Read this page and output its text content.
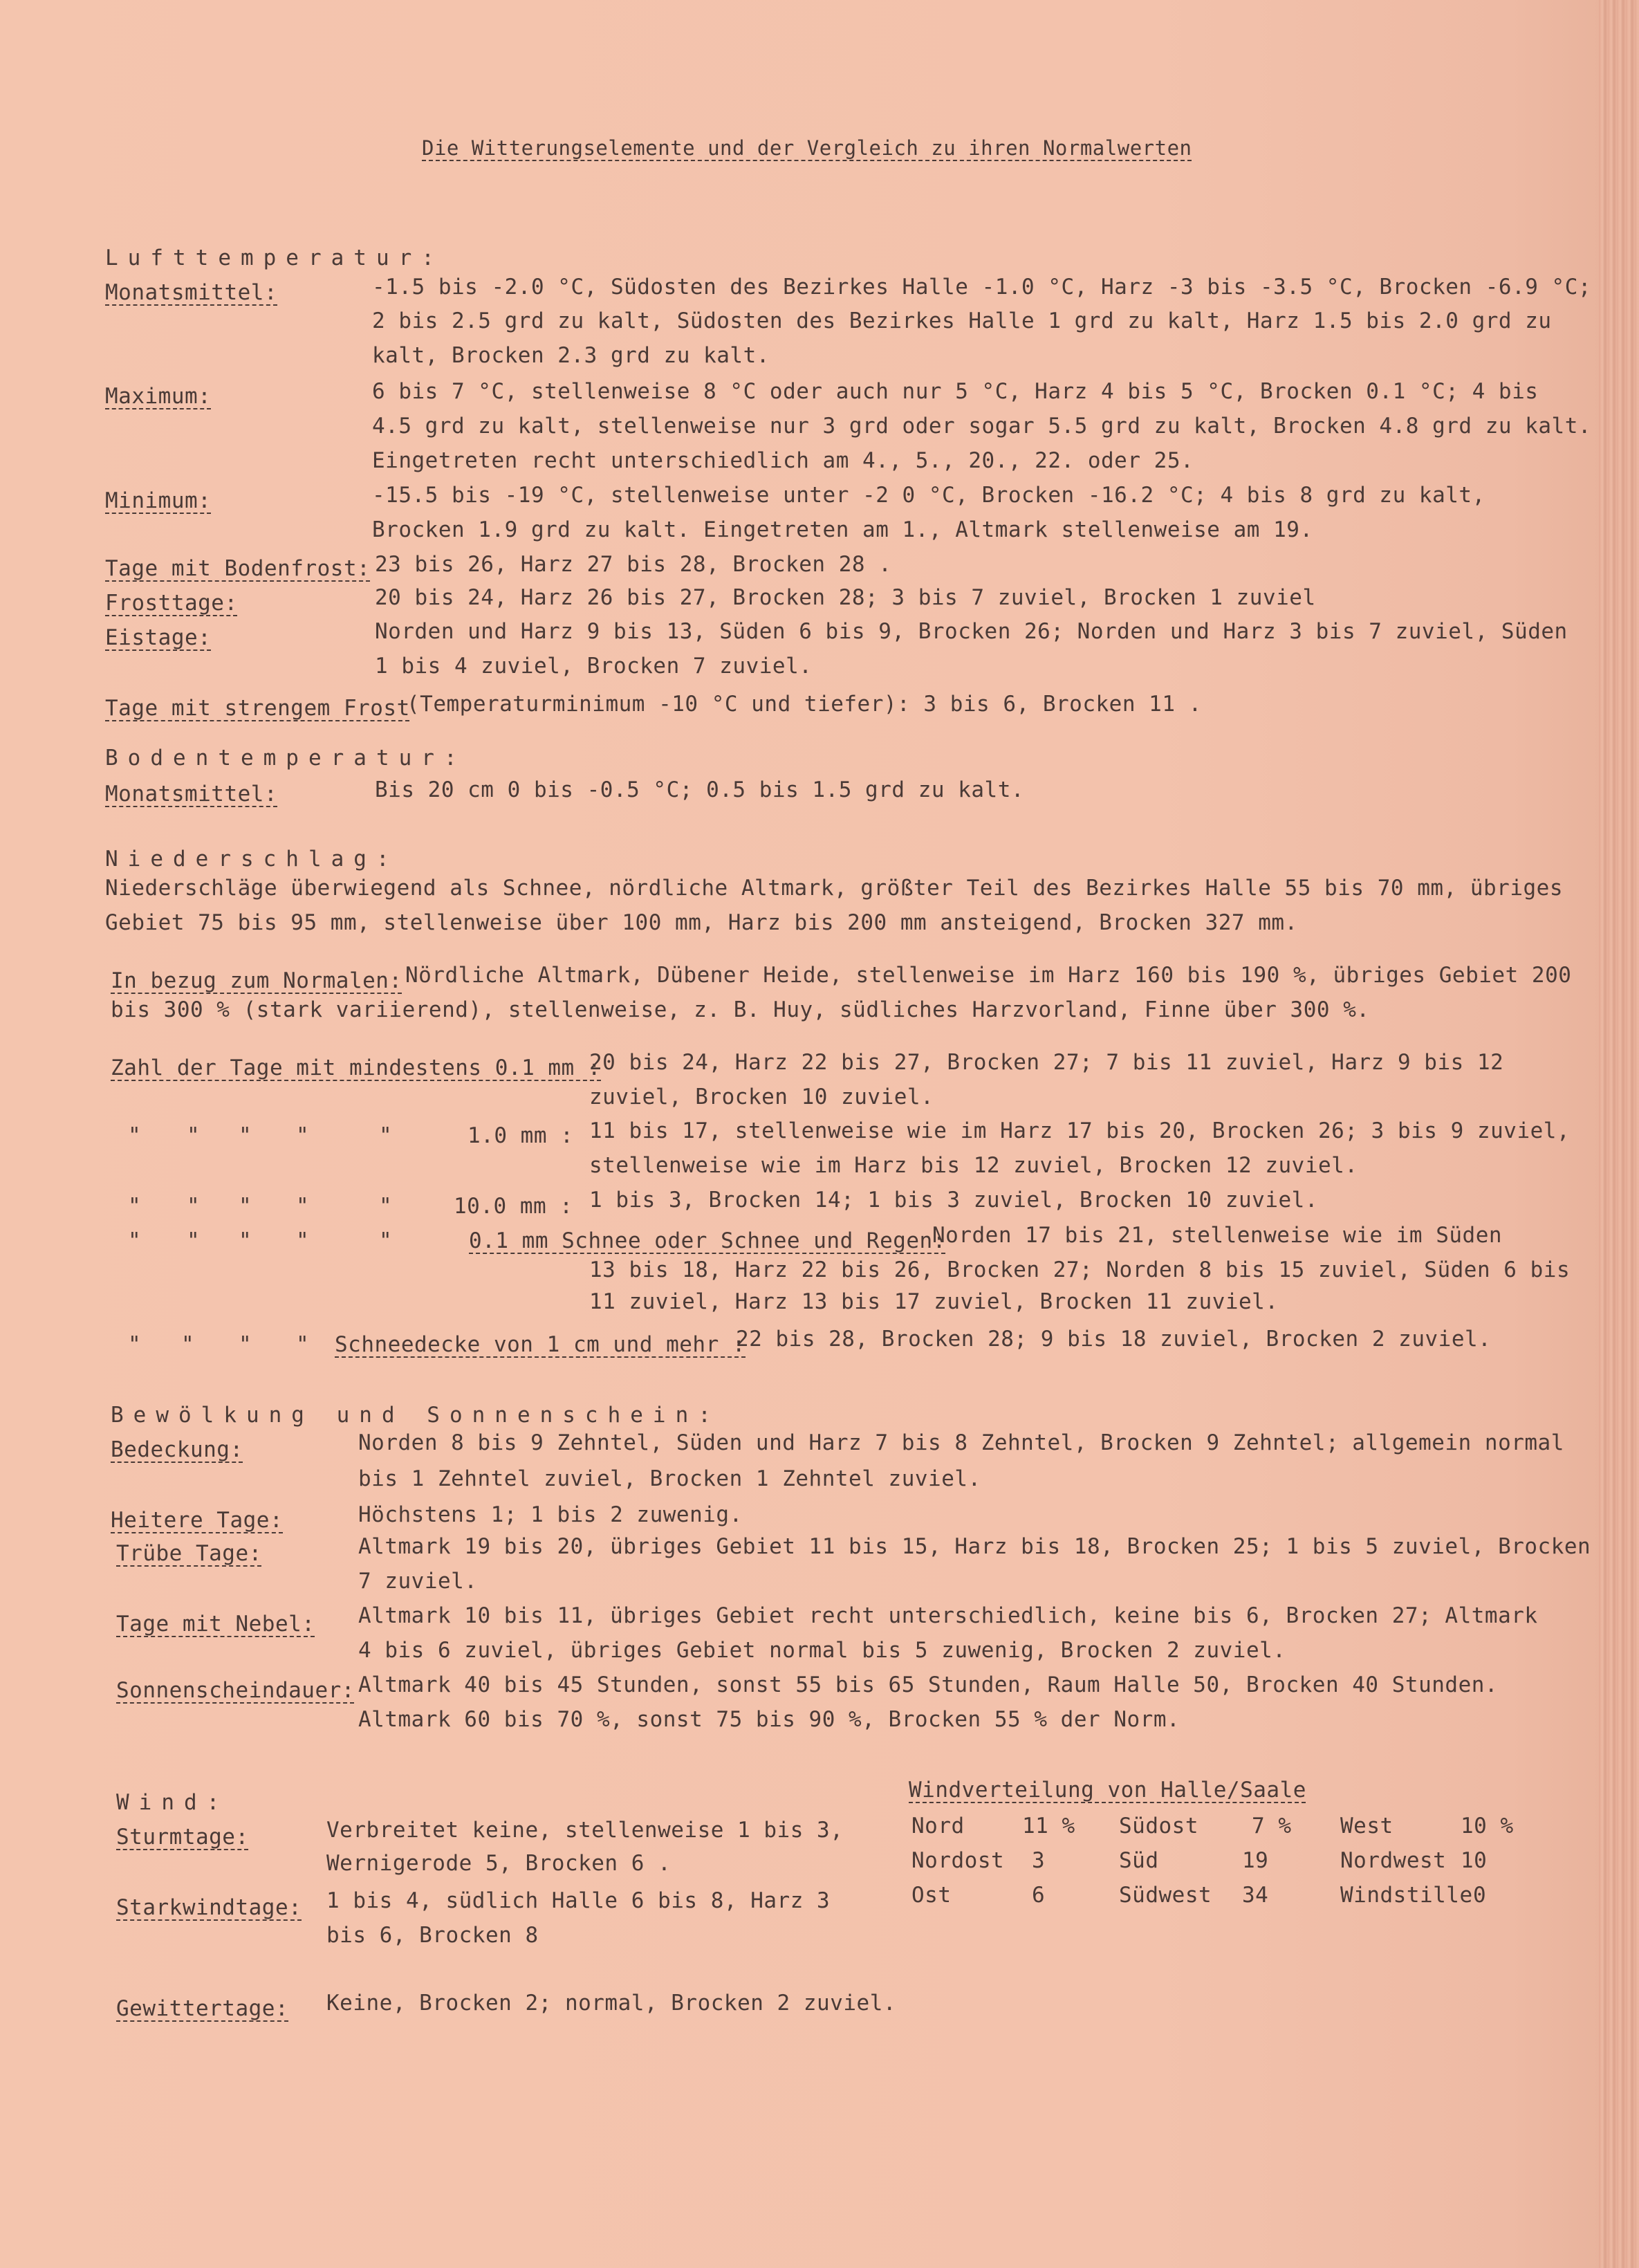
Die Witterungselemente und der Vergleich zu ihren Normalwerten
Lufttemperatur:
Monatsmittel:	-1.5 bis -2.0 °C, Südosten des Bezirkes Halle -1.0 °C, Harz -3 bis -3.5 °C, Brocken -6.9 °C;
2 bis 2.5 grd zu kalt, Südosten des Bezirkes Halle 1 grd zu kalt, Harz 1.5 bis 2.0 grd zu
kalt, Brocken 2.3 grd zu kalt.
Maximum:	6 bis 7 °C, stellenweise 8 °C oder auch nur 5 °C, Harz 4 bis 5 °C, Brocken 0.1 °C; 4 bis
4.5 grd zu kalt, stellenweise nur 3 grd oder sogar 5.5 grd zu kalt, Brocken 4.8 grd zu kalt.
Eingetreten recht unterschiedlich am 4., 5., 20., 22. oder 25.
Minimum:	-15.5 bis -19 °C, stellenweise unter -2 0 °C, Brocken -16.2 °C; 4 bis 8 grd zu kalt,
Brocken 1.9 grd zu kalt. Eingetreten am 1., Altmark stellenweise am 19.
Tage mit Bodenfrost: 23 bis 26, Harz 27 bis 28, Brocken 28 .
Frosttage:	20 bis 24, Harz 26 bis 27, Brocken 28; 3 bis 7 zuviel, Brocken 1 zuviel
Eistage:	Norden und Harz 9 bis 13, Süden 6 bis 9, Brocken 26; Norden und Harz 3 bis 7 zuviel, Süden
1 bis 4 zuviel, Brocken 7 zuviel.
Tage mit strengem Frost
(Temperaturminimum -10 °C und tiefer): 3 bis 6, Brocken 11 .
Bodentemperatur:
Monatsmittel:	Bis 20 cm 0 bis -0.5 °C; 0.5 bis 1.5 grd zu kalt.
Niederschlag:
Niederschläge überwiegend als Schnee, nördliche Altmark, größter Teil des Bezirkes Halle 55 bis 70 mm, übriges
Gebiet 75 bis 95 mm, stellenweise über 100 mm, Harz bis 200 mm ansteigend, Brocken 327 mm.
In bezug zum Normalen: Nördliche Altmark, Dübener Heide, stellenweise im Harz 160 bis 190 %, übriges Gebiet 200
bis 300 % (stark variierend), stellenweise, z. B. Huy, südliches Harzvorland, Finne über 300 %.
Zahl der Tage mit mindestens 0.1 mm :
20 bis 24, Harz 22 bis 27, Brocken 27; 7 bis 11 zuviel, Harz 9 bis 12
zuviel, Brocken 10 zuviel.
" " " "	"	1.0 mm : 11 bis 17, stellenweise wie im Harz 17 bis 20, Brocken 26; 3 bis 9 zuviel,
stellenweise wie im Harz bis 12 zuviel, Brocken 12 zuviel.
" " " "	"	10.0 mm : 1 bis 3, Brocken 14; 1 bis 3 zuviel, Brocken 10 zuviel.
" " " "	"	0.1 mm Schnee oder Schnee und Regen:
Norden 17 bis 21, stellenweise wie im Süden
13 bis 18, Harz 22 bis 26, Brocken 27; Norden 8 bis 15 zuviel, Süden 6 bis
11 zuviel, Harz 13 bis 17 zuviel, Brocken 11 zuviel.
" " " " Schneedecke von 1 cm und mehr :
22 bis 28, Brocken 28; 9 bis 18 zuviel, Brocken 2 zuviel.
Bewölkung und Sonnenschein:
Bedeckung:	Norden 8 bis 9 Zehntel, Süden und Harz 7 bis 8 Zehntel, Brocken 9 Zehntel; allgemein normal
bis 1 Zehntel zuviel, Brocken 1 Zehntel zuviel.
Heitere Tage:	Höchstens 1; 1 bis 2 zuwenig.
Trübe Tage:	Altmark 19 bis 20, übriges Gebiet 11 bis 15, Harz bis 18, Brocken 25; 1 bis 5 zuviel, Brocken
7 zuviel.
Tage mit Nebel: Altmark 10 bis 11, übriges Gebiet recht unterschiedlich, keine bis 6, Brocken 27; Altmark
4 bis 6 zuviel, übriges Gebiet normal bis 5 zuwenig, Brocken 2 zuviel.
Sonnenscheindauer: Altmark 40 bis 45 Stunden, sonst 55 bis 65 Stunden, Raum Halle 50, Brocken 40 Stunden.
Altmark 60 bis 70 %, sonst 75 bis 90 %, Brocken 55 % der Norm.
Wind:
Sturmtage:	Verbreitet keine, stellenweise 1 bis 3,
Wernigerode 5, Brocken 6 .
Starkwindtage: 1 bis 4, südlich Halle 6 bis 8, Harz 3
bis 6, Brocken 8
Gewittertage: Keine, Brocken 2; normal, Brocken 2 zuviel.
Windverteilung von Halle/Saale
Nord	11 % Südost 7 % West	10 %
Nordost 3	Süd	19	Nordwest 10
Ost	6	Südwest 34	Windstille 0
